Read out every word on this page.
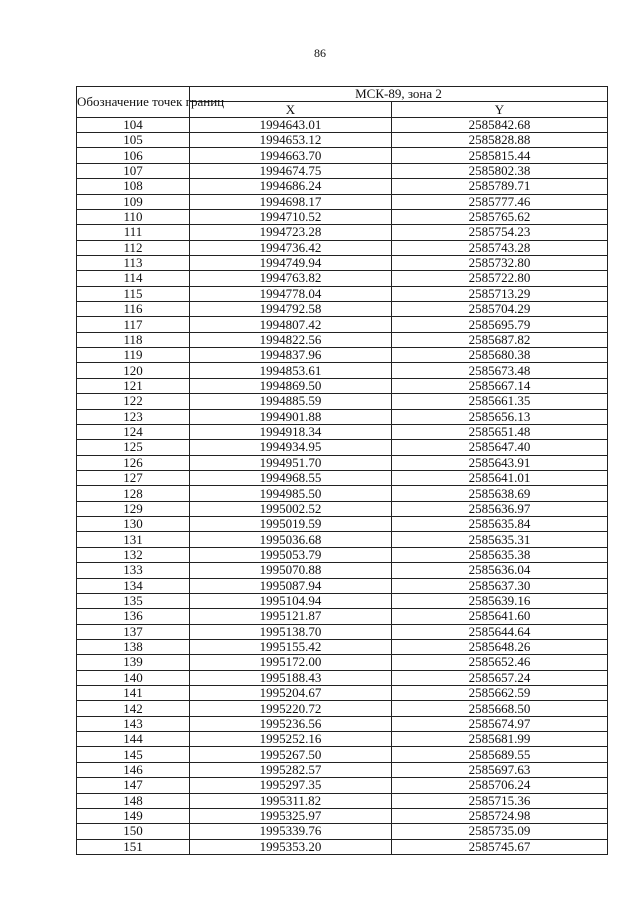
86
Обозначение точек границ	МСК-89, зона 2	
	X	Y
104	1994643.01	2585842.68
105	1994653.12	2585828.88
106	1994663.70	2585815.44
107	1994674.75	2585802.38
108	1994686.24	2585789.71
109	1994698.17	2585777.46
110	1994710.52	2585765.62
111	1994723.28	2585754.23
112	1994736.42	2585743.28
113	1994749.94	2585732.80
114	1994763.82	2585722.80
115	1994778.04	2585713.29
116	1994792.58	2585704.29
117	1994807.42	2585695.79
118	1994822.56	2585687.82
119	1994837.96	2585680.38
120	1994853.61	2585673.48
121	1994869.50	2585667.14
122	1994885.59	2585661.35
123	1994901.88	2585656.13
124	1994918.34	2585651.48
125	1994934.95	2585647.40
126	1994951.70	2585643.91
127	1994968.55	2585641.01
128	1994985.50	2585638.69
129	1995002.52	2585636.97
130	1995019.59	2585635.84
131	1995036.68	2585635.31
132	1995053.79	2585635.38
133	1995070.88	2585636.04
134	1995087.94	2585637.30
135	1995104.94	2585639.16
136	1995121.87	2585641.60
137	1995138.70	2585644.64
138	1995155.42	2585648.26
139	1995172.00	2585652.46
140	1995188.43	2585657.24
141	1995204.67	2585662.59
142	1995220.72	2585668.50
143	1995236.56	2585674.97
144	1995252.16	2585681.99
145	1995267.50	2585689.55
146	1995282.57	2585697.63
147	1995297.35	2585706.24
148	1995311.82	2585715.36
149	1995325.97	2585724.98
150	1995339.76	2585735.09
151	1995353.20	2585745.67
